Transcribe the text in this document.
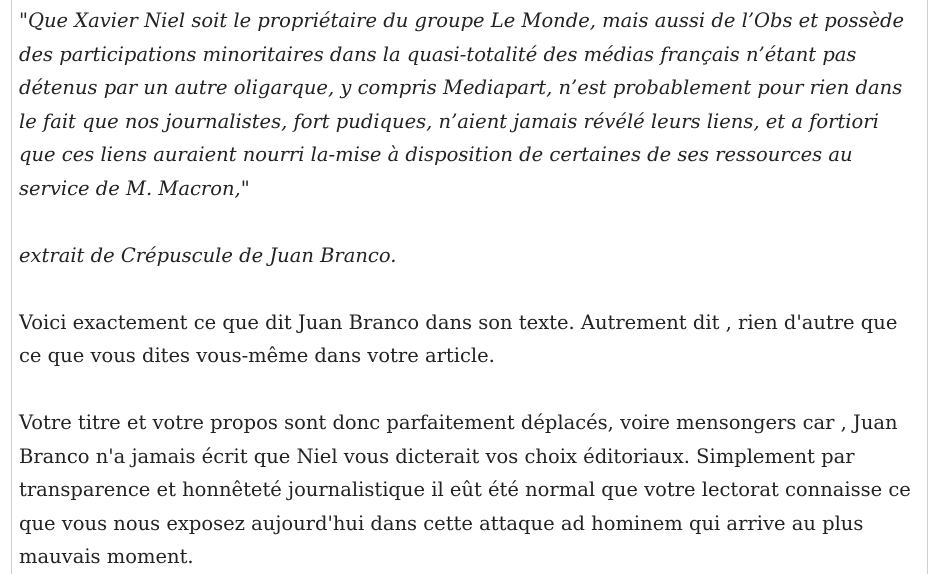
"Que Xavier Niel soit le propriétaire du groupe Le Monde, mais aussi de l’Obs et possède des participations minoritaires dans la quasi-totalité des médias français n’étant pas détenus par un autre oligarque, y compris Mediapart, n’est probablement pour rien dans le fait que nos journalistes, fort pudiques, n’aient jamais révélé leurs liens, et a fortiori que ces liens auraient nourri la-mise à disposition de certaines de ses ressources au service de M. Macron,"

extrait de Crépuscule de Juan Branco.

Voici exactement ce que dit Juan Branco dans son texte. Autrement dit , rien d'autre que ce que vous dites vous-même dans votre article.

Votre titre et votre propos sont donc parfaitement déplacés, voire mensongers car , Juan Branco n'a jamais écrit que Niel vous dicterait vos choix éditoriaux. Simplement par transparence et honnêteté journalistique il eût été normal que votre lectorat connaisse ce que vous nous exposez aujourd'hui dans cette attaque ad hominem qui arrive au plus mauvais moment.
